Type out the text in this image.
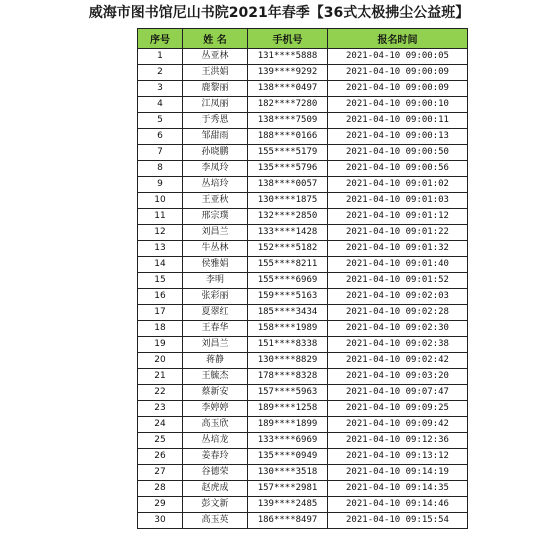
威海市图书馆尼山书院2021年春季【36式太极拂尘公益班】
序号	姓 名	手机号	报名时间
1	丛亚林	131****5888	2021-04-10 09:00:05
2	王洪娟	139****9292	2021-04-10 09:00:09
3	鹿黎丽	138****0497	2021-04-10 09:00:09
4	江凤丽	182****7280	2021-04-10 09:00:10
5	于秀恩	138****7509	2021-04-10 09:00:11
6	邹甜雨	188****0166	2021-04-10 09:00:13
7	孙晓鹏	155****5179	2021-04-10 09:00:50
8	李凤玲	135****5796	2021-04-10 09:00:56
9	丛培玲	138****0057	2021-04-10 09:01:02
10	王亚秋	130****1875	2021-04-10 09:01:03
11	邢宗璞	132****2850	2021-04-10 09:01:12
12	刘昌兰	133****1428	2021-04-10 09:01:22
13	牛丛林	152****5182	2021-04-10 09:01:32
14	侯雅娟	155****8211	2021-04-10 09:01:40
15	李明	155****6969	2021-04-10 09:01:52
16	张彩丽	159****5163	2021-04-10 09:02:03
17	夏翠红	185****3434	2021-04-10 09:02:28
18	王春华	158****1989	2021-04-10 09:02:30
19	刘昌兰	151****8338	2021-04-10 09:02:38
20	蒋静	130****8829	2021-04-10 09:02:42
21	王毓杰	178****8328	2021-04-10 09:03:20
22	蔡新安	157****5963	2021-04-10 09:07:47
23	李婷婷	189****1258	2021-04-10 09:09:25
24	高玉欣	189****1899	2021-04-10 09:09:42
25	丛培龙	133****6969	2021-04-10 09:12:36
26	姜春玲	135****0949	2021-04-10 09:13:12
27	谷德荣	130****3518	2021-04-10 09:14:19
28	赵虎成	157****2981	2021-04-10 09:14:35
29	彭文新	139****2485	2021-04-10 09:14:46
30	高玉英	186****8497	2021-04-10 09:15:54
